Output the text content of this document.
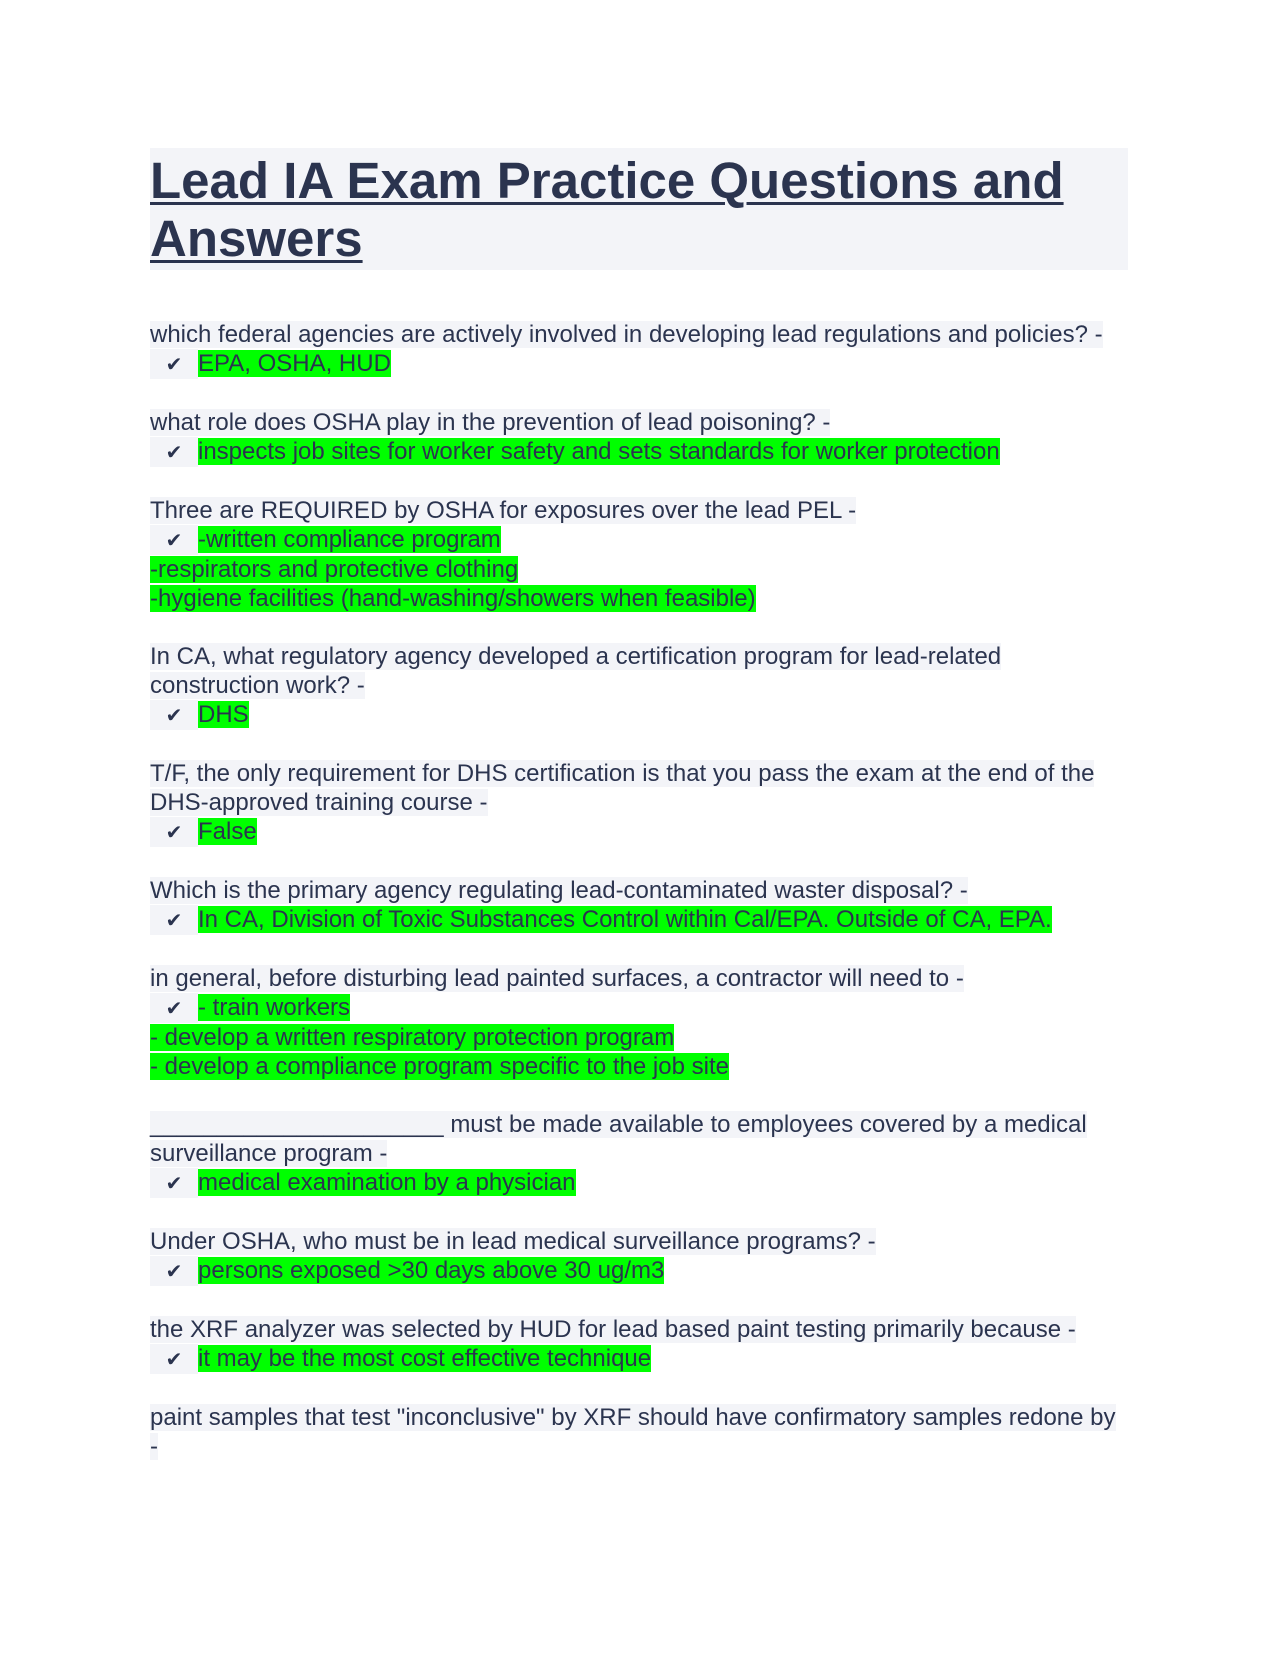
Lead IA Exam Practice Questions and Answers
which federal agencies are actively involved in developing lead regulations and policies? -
✔ EPA, OSHA, HUD
what role does OSHA play in the prevention of lead poisoning? -
✔ inspects job sites for worker safety and sets standards for worker protection
Three are REQUIRED by OSHA for exposures over the lead PEL -
✔ -written compliance program
-respirators and protective clothing
-hygiene facilities (hand-washing/showers when feasible)
In CA, what regulatory agency developed a certification program for lead-related construction work? -
✔ DHS
T/F, the only requirement for DHS certification is that you pass the exam at the end of the DHS-approved training course -
✔ False
Which is the primary agency regulating lead-contaminated waster disposal? -
✔ In CA, Division of Toxic Substances Control within Cal/EPA. Outside of CA, EPA.
in general, before disturbing lead painted surfaces, a contractor will need to -
✔ - train workers
- develop a written respiratory protection program
- develop a compliance program specific to the job site
______________________ must be made available to employees covered by a medical surveillance program -
✔ medical examination by a physician
Under OSHA, who must be in lead medical surveillance programs? -
✔ persons exposed >30 days above 30 ug/m3
the XRF analyzer was selected by HUD for lead based paint testing primarily because -
✔ it may be the most cost effective technique
paint samples that test "inconclusive" by XRF should have confirmatory samples redone by -
